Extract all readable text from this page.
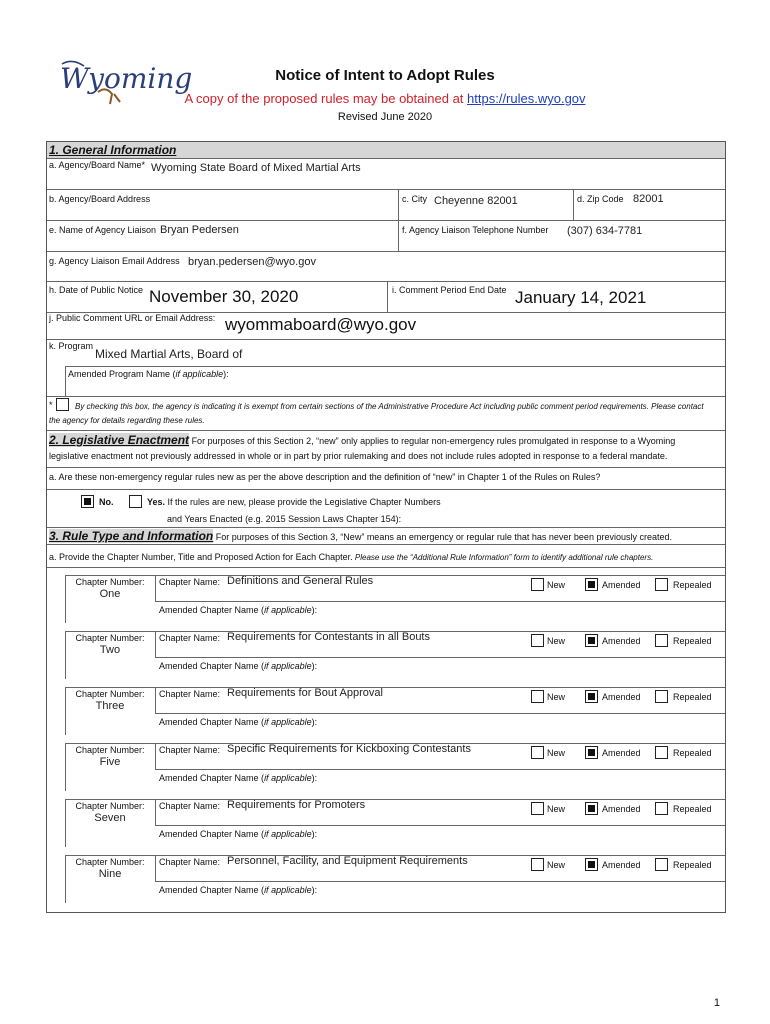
Wyoming	Notice of Intent to Adopt Rules
A copy of the proposed rules may be obtained at https://rules.wyo.gov
Revised June 2020
1. General Information
a. Agency/Board Name* Wyoming State Board of Mixed Martial Arts
b. Agency/Board Address	c. City Cheyenne 82001	d. Zip Code 82001
e. Name of Agency Liaison Bryan Pedersen	f. Agency Liaison Telephone Number (307) 634-7781
g. Agency Liaison Email Address bryan.pedersen@wyo.gov
h. Date of Public Notice November 30, 2020	i. Comment Period End Date January 14, 2021
j. Public Comment URL or Email Address: wyommaboard@wyo.gov
k. Program
Mixed Martial Arts, Board of
Amended Program Name (if applicable):
*	By checking this box, the agency is indicating it is exempt from certain sections of the Administrative Procedure Act including public comment period requirements. Please contact
the agency for details regarding these rules.
2. Legislative Enactment For purposes of this Section 2, “new” only applies to regular non-emergency rules promulgated in response to a Wyoming
legislative enactment not previously addressed in whole or in part by prior rulemaking and does not include rules adopted in response to a federal mandate.
a. Are these non-emergency regular rules new as per the above description and the definition of “new” in Chapter 1 of the Rules on Rules?
No.	Yes. If the rules are new, please provide the Legislative Chapter Numbers
and Years Enacted (e.g. 2015 Session Laws Chapter 154):
3. Rule Type and Information For purposes of this Section 3, “New” means an emergency or regular rule that has never been previously created.
a. Provide the Chapter Number, Title and Proposed Action for Each Chapter. Please use the “Additional Rule Information” form to identify additional rule chapters.
Chapter Number:
One
Chapter Name: Definitions and General Rules	New	Amended	Repealed
Amended Chapter Name (if applicable):
Chapter Number:
Two
Chapter Name: Requirements for Contestants in all Bouts	New	Amended	Repealed
Amended Chapter Name (if applicable):
Chapter Number:
Three
Chapter Name: Requirements for Bout Approval	New	Amended	Repealed
Amended Chapter Name (if applicable):
Chapter Number:
Five
Chapter Name: Specific Requirements for Kickboxing Contestants	New	Amended	Repealed
Amended Chapter Name (if applicable):
Chapter Number:
Seven
Chapter Name: Requirements for Promoters	New	Amended	Repealed
Amended Chapter Name (if applicable):
Chapter Number:
Nine
Chapter Name: Personnel, Facility, and Equipment Requirements	New	Amended	Repealed
Amended Chapter Name (if applicable):
1
